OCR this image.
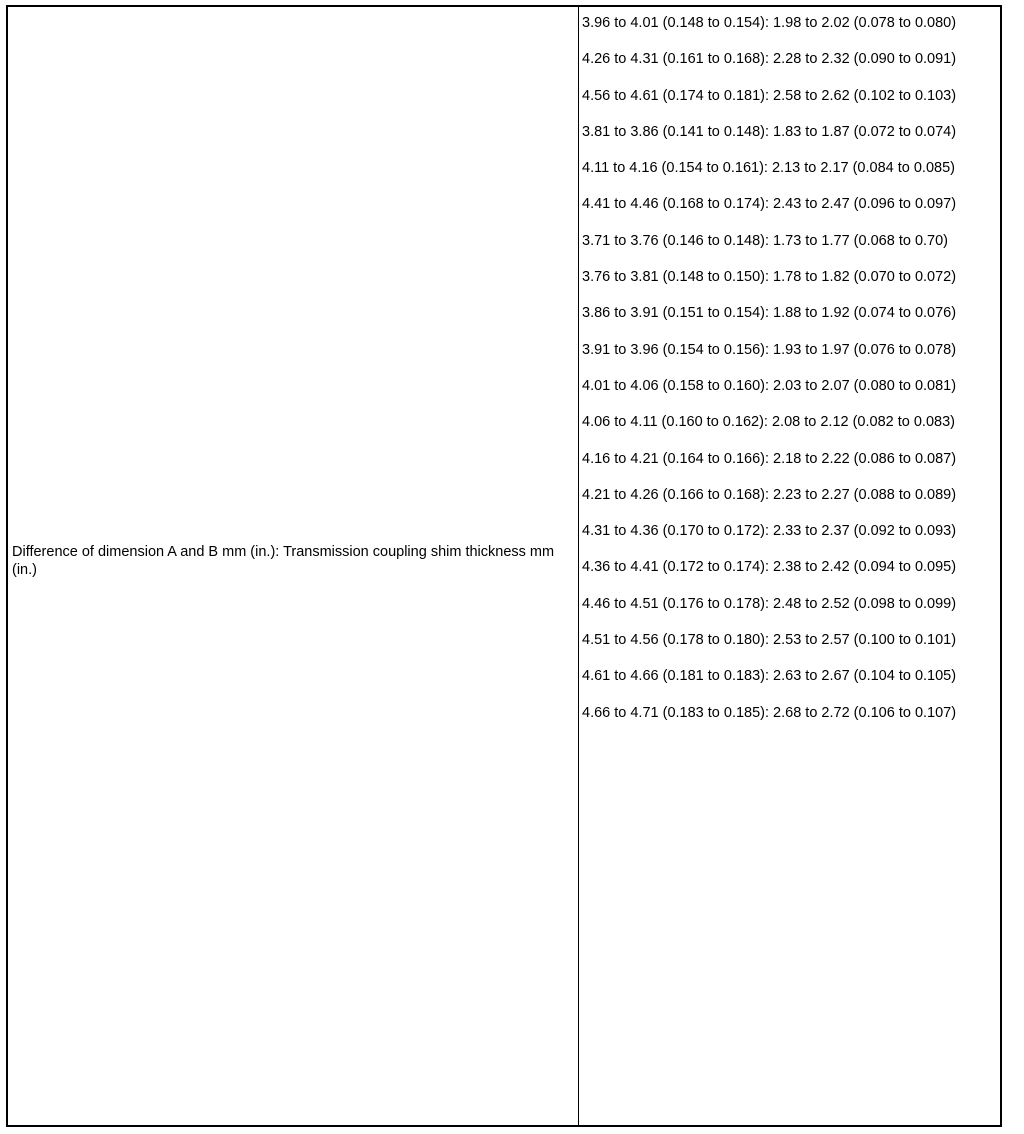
Difference of dimension A and B mm (in.): Transmission coupling shim thickness mm (in.)
3.96 to 4.01 (0.148 to 0.154): 1.98 to 2.02 (0.078 to 0.080)
4.26 to 4.31 (0.161 to 0.168): 2.28 to 2.32 (0.090 to 0.091)
4.56 to 4.61 (0.174 to 0.181): 2.58 to 2.62 (0.102 to 0.103)
3.81 to 3.86 (0.141 to 0.148): 1.83 to 1.87 (0.072 to 0.074)
4.11 to 4.16 (0.154 to 0.161): 2.13 to 2.17 (0.084 to 0.085)
4.41 to 4.46 (0.168 to 0.174): 2.43 to 2.47 (0.096 to 0.097)
3.71 to 3.76 (0.146 to 0.148): 1.73 to 1.77 (0.068 to 0.70)
3.76 to 3.81 (0.148 to 0.150): 1.78 to 1.82 (0.070 to 0.072)
3.86 to 3.91 (0.151 to 0.154): 1.88 to 1.92 (0.074 to 0.076)
3.91 to 3.96 (0.154 to 0.156): 1.93 to 1.97 (0.076 to 0.078)
4.01 to 4.06 (0.158 to 0.160): 2.03 to 2.07 (0.080 to 0.081)
4.06 to 4.11 (0.160 to 0.162): 2.08 to 2.12 (0.082 to 0.083)
4.16 to 4.21 (0.164 to 0.166): 2.18 to 2.22 (0.086 to 0.087)
4.21 to 4.26 (0.166 to 0.168): 2.23 to 2.27 (0.088 to 0.089)
4.31 to 4.36 (0.170 to 0.172): 2.33 to 2.37 (0.092 to 0.093)
4.36 to 4.41 (0.172 to 0.174): 2.38 to 2.42 (0.094 to 0.095)
4.46 to 4.51 (0.176 to 0.178): 2.48 to 2.52 (0.098 to 0.099)
4.51 to 4.56 (0.178 to 0.180): 2.53 to 2.57 (0.100 to 0.101)
4.61 to 4.66 (0.181 to 0.183): 2.63 to 2.67 (0.104 to 0.105)
4.66 to 4.71 (0.183 to 0.185): 2.68 to 2.72 (0.106 to 0.107)
